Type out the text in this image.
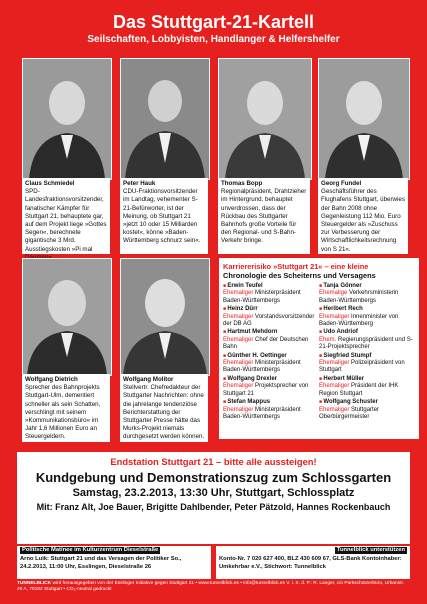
Das Stuttgart-21-Kartell
Seilschaften, Lobbyisten, Handlanger & Helfershelfer
Claus Schmiedel
SPD-Landesfraktionsvorsitzender, fanatischer Kämpfer für Stuttgart 21, behauptete gar, auf dem Projekt liege »Gottes Segen«, berechnete gigantische 3 Mrd. Ausstiegskosten »Pi mal
Peter Hauk
CDU-Fraktionsvorsitzender im Landtag, vehementer S-21-Befürworter, ist der Meinung, ob Stuttgart 21 »jetzt 10 oder 15 Milliarden kostet«, könne »Baden-Württemberg schnurz sein«.
Thomas Bopp
Regionalpräsident, Drahtzieher im Hintergrund, behauptet unverdrossen, dass der Rückbau des Stuttgarter Bahnhofs große Vorteile für den Regional- und S-Bahn-Verkehr bringe.
Georg Fundel
Geschäftsführer des Flughafens Stuttgart, überwies der Bahn 2008 ohne Gegenleistung 112 Mio. Euro Steuergelder als »Zuschuss zur Verbesserung der Wirtschaftlichkeitsrechnung von S 21«.
Wolfgang Dietrich
Sprecher des Bahnprojekts Stuttgart-Ulm, dementiert schneller als sein Schatten, verschlingt mit seinem »Kommunikationsbüro« im Jahr 1,6 Millionen Euro an Steuergeldern.
Wolfgang Molitor
Stellvertr. Chefredakteur der Stuttgarter Nachrichten: ohne die jahrelange tendenziöse Berichterstattung der Stuttgarter Presse hätte das Murks-Projekt niemals durchgesetzt werden können.
Karriererisiko »Stuttgart 21« – eine kleine
Chronologie des Scheiterns und Versagens
■ Erwin Teufel
Ehemaliger Ministerpräsident Baden-Württembergs
■ Heinz Dürr
Ehemaliger Vorstandsvorsitzender der DB AG
■ Hartmut Mehdorn
Ehemaliger Chef der Deutschen Bahn
■ Günther H. Oettinger
Ehemaliger Ministerpräsident Baden-Württembergs
■ Wolfgang Drexler
Ehemaliger Projektsprecher von Stuttgart 21
■ Stefan Mappus
Ehemaliger Ministerpräsident Baden-Württembergs
■ Tanja Gönner
Ehemalige Verkehrsministerin Baden-Württembergs
■ Heribert Rech
Ehemaliger Innenminister von Baden-Württemberg
■ Udo Andriof
Ehem. Regierungspräsident und S-21-Projektsprecher
■ Siegfried Stumpf
Ehemaliger Polizeipräsident von Stuttgart
■ Herbert Müller
Ehemaliger Präsident der IHK Region Stuttgart
■ Wolfgang Schuster
Ehemaliger Stuttgarter Oberbürgermeister
Endstation Stuttgart 21 – bitte alle aussteigen!
Kundgebung und Demonstrationszug zum Schlossgarten
Samstag, 23.2.2013, 13:30 Uhr, Stuttgart, Schlossplatz
Mit: Franz Alt, Joe Bauer, Brigitte Dahlbender, Peter Pätzold, Hannes Rockenbauch
Politische Matinee im Kulturzentrum Dieselstraße
Arno Luik: Stuttgart 21 und das Versagen der Politiker So., 24.2.2013, 11:00 Uhr, Esslingen, Dieselstraße 26
Tunnelblick unterstützen
Konto-Nr. 7 020 627 400, BLZ 430 609 67, GLS-Bank Kontoinhaber: Umkehrbar e.V., Stichwort: Tunnelblick
TUNNELBLICK wird herausgegeben von der Esslinger Initiative gegen Stuttgart 21 • www.tunnelblick.es • info@tunnelblick.es V. i. S. d. P.: R. Langer, c/o Parkschützerbüro, Urbanstr. 49 A, 70182 Stuttgart • CO₂-neutral gedruckt
